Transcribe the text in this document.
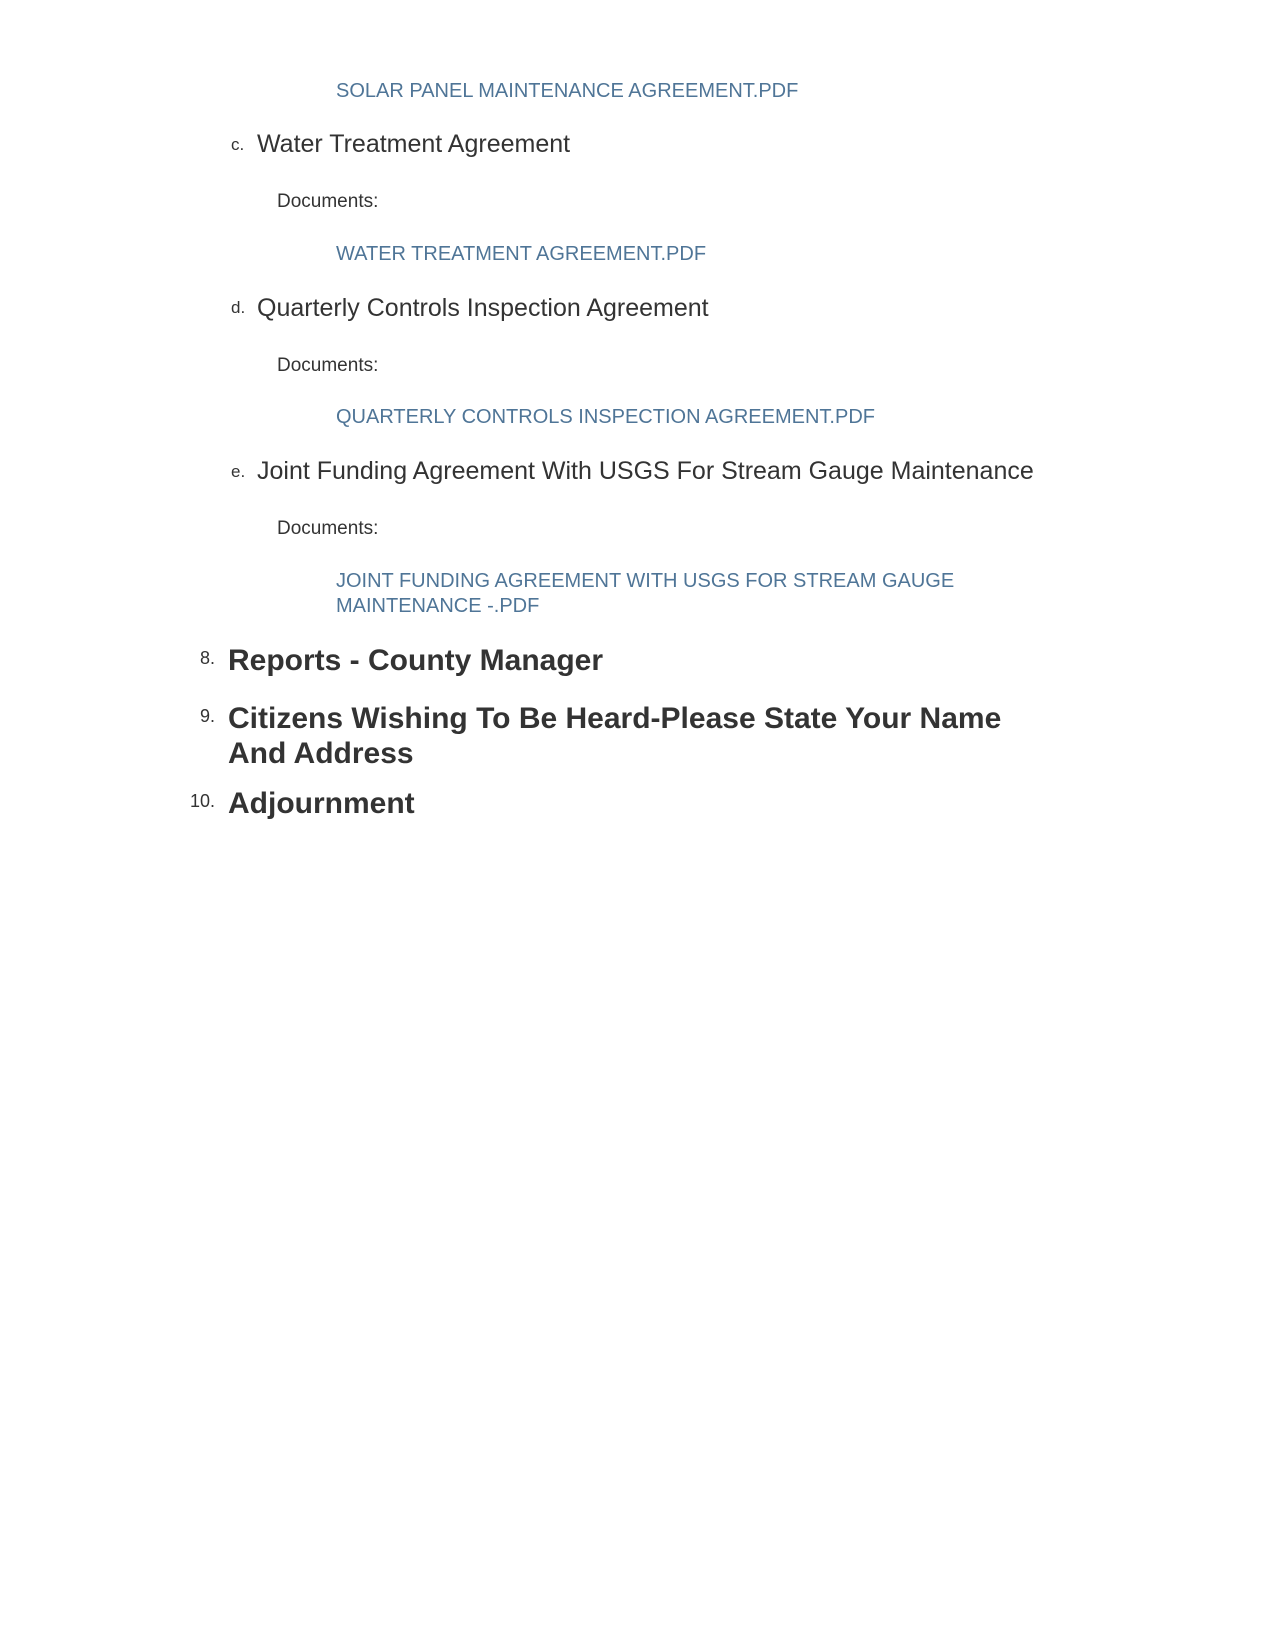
SOLAR PANEL MAINTENANCE AGREEMENT.PDF
c. Water Treatment Agreement
Documents:
WATER TREATMENT AGREEMENT.PDF
d. Quarterly Controls Inspection Agreement
Documents:
QUARTERLY CONTROLS INSPECTION AGREEMENT.PDF
e. Joint Funding Agreement With USGS For Stream Gauge Maintenance
Documents:
JOINT FUNDING AGREEMENT WITH USGS FOR STREAM GAUGE
MAINTENANCE -.PDF
8. Reports - County Manager
9. Citizens Wishing To Be Heard-Please State Your Name
And Address
10. Adjournment
